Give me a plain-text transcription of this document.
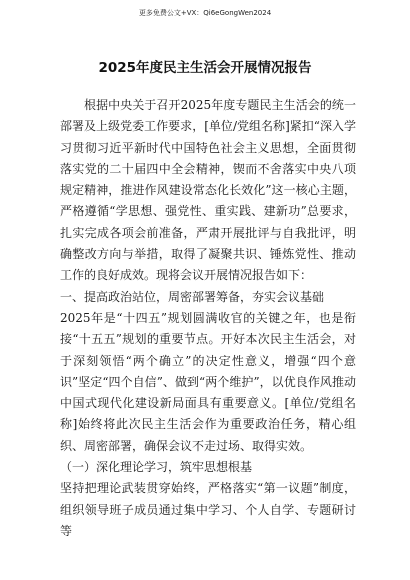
更多免费公文+VX：Qi6eGongWen2024
2025年度民主生活会开展情况报告

根据中央关于召开2025年度专题民主生活会的统一部署及上级党委工作要求，[单位/党组名称]紧扣“深入学习贯彻习近平新时代中国特色社会主义思想，全面贯彻落实党的二十届四中全会精神，锲而不舍落实中央八项规定精神，推进作风建设常态化长效化”这一核心主题，严格遵循“学思想、强党性、重实践、建新功”总要求，扎实完成各项会前准备，严肃开展批评与自我批评，明确整改方向与举措，取得了凝聚共识、锤炼党性、推动工作的良好成效。现将会议开展情况报告如下：

一、提高政治站位，周密部署筹备，夯实会议基础

2025年是“十四五”规划圆满收官的关键之年，也是衔接“十五五”规划的重要节点。开好本次民主生活会，对于深刻领悟“两个确立”的决定性意义，增强“四个意识”坚定“四个自信”、做到“两个维护”，以优良作风推动中国式现代化建设新局面具有重要意义。[单位/党组名称]始终将此次民主生活会作为重要政治任务，精心组织、周密部署，确保会议不走过场、取得实效。

（一）深化理论学习，筑牢思想根基

坚持把理论武装贯穿始终，严格落实“第一议题”制度，组织领导班子成员通过集中学习、个人自学、专题研讨等
